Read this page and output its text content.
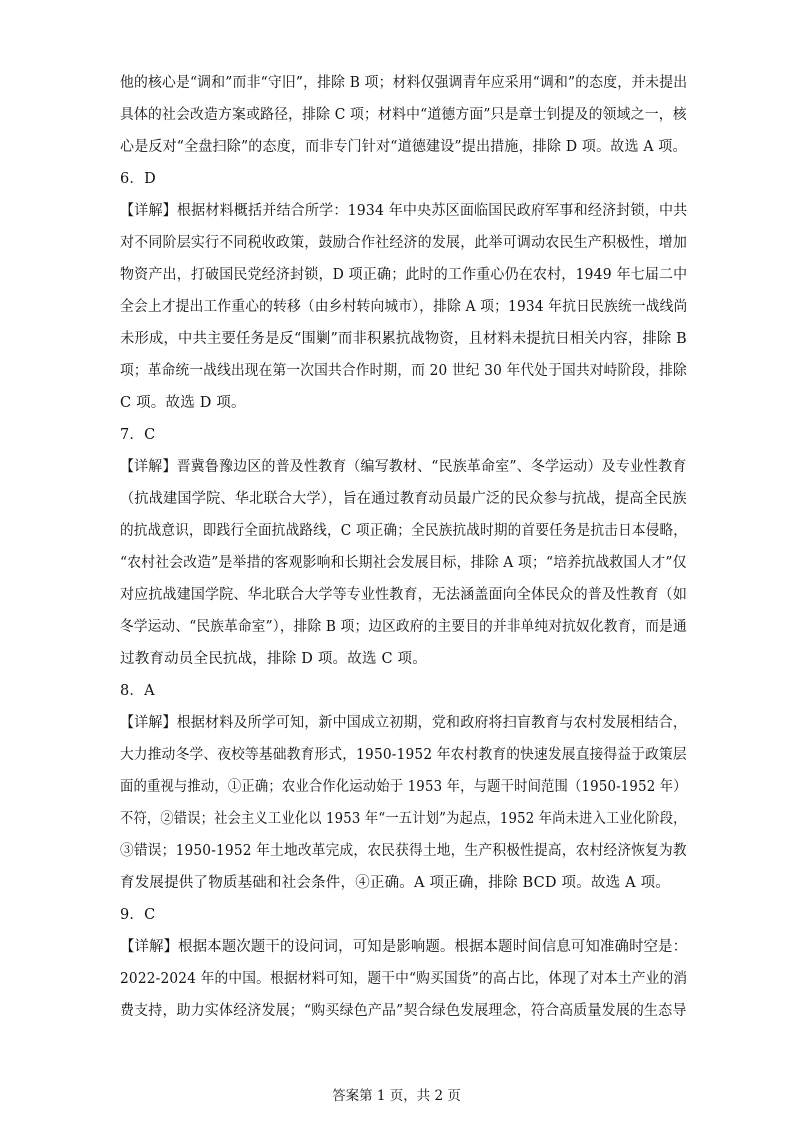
他的核心是“调和”而非“守旧”，排除 B 项；材料仅强调青年应采用“调和”的态度，并未提出
具体的社会改造方案或路径，排除 C 项；材料中“道德方面”只是章士钊提及的领域之一，核
心是反对“全盘扫除”的态度，而非专门针对“道德建设”提出措施，排除 D 项。故选 A 项。
6．D
【详解】根据材料概括并结合所学：1934 年中央苏区面临国民政府军事和经济封锁，中共
对不同阶层实行不同税收政策，鼓励合作社经济的发展，此举可调动农民生产积极性，增加
物资产出，打破国民党经济封锁，D 项正确；此时的工作重心仍在农村，1949 年七届二中
全会上才提出工作重心的转移（由乡村转向城市），排除 A 项；1934 年抗日民族统一战线尚
未形成，中共主要任务是反“围剿”而非积累抗战物资，且材料未提抗日相关内容，排除 B
项；革命统一战线出现在第一次国共合作时期，而 20 世纪 30 年代处于国共对峙阶段，排除
C 项。故选 D 项。
7．C
【详解】晋冀鲁豫边区的普及性教育（编写教材、“民族革命室”、冬学运动）及专业性教育
（抗战建国学院、华北联合大学），旨在通过教育动员最广泛的民众参与抗战，提高全民族
的抗战意识，即践行全面抗战路线，C 项正确；全民族抗战时期的首要任务是抗击日本侵略，
“农村社会改造”是举措的客观影响和长期社会发展目标，排除 A 项；“培养抗战救国人才”仅
对应抗战建国学院、华北联合大学等专业性教育，无法涵盖面向全体民众的普及性教育（如
冬学运动、“民族革命室”），排除 B 项；边区政府的主要目的并非单纯对抗奴化教育，而是通
过教育动员全民抗战，排除 D 项。故选 C 项。
8．A
【详解】根据材料及所学可知，新中国成立初期，党和政府将扫盲教育与农村发展相结合，
大力推动冬学、夜校等基础教育形式，1950-1952 年农村教育的快速发展直接得益于政策层
面的重视与推动，①正确；农业合作化运动始于 1953 年，与题干时间范围（1950-1952 年）
不符，②错误；社会主义工业化以 1953 年“一五计划”为起点，1952 年尚未进入工业化阶段，
③错误；1950-1952 年土地改革完成，农民获得土地，生产积极性提高，农村经济恢复为教
育发展提供了物质基础和社会条件，④正确。A 项正确，排除 BCD 项。故选 A 项。
9．C
【详解】根据本题次题干的设问词，可知是影响题。根据本题时间信息可知准确时空是：
2022-2024 年的中国。根据材料可知，题干中“购买国货”的高占比，体现了对本土产业的消
费支持，助力实体经济发展；“购买绿色产品”契合绿色发展理念，符合高质量发展的生态导
答案第 1 页，共 2 页
